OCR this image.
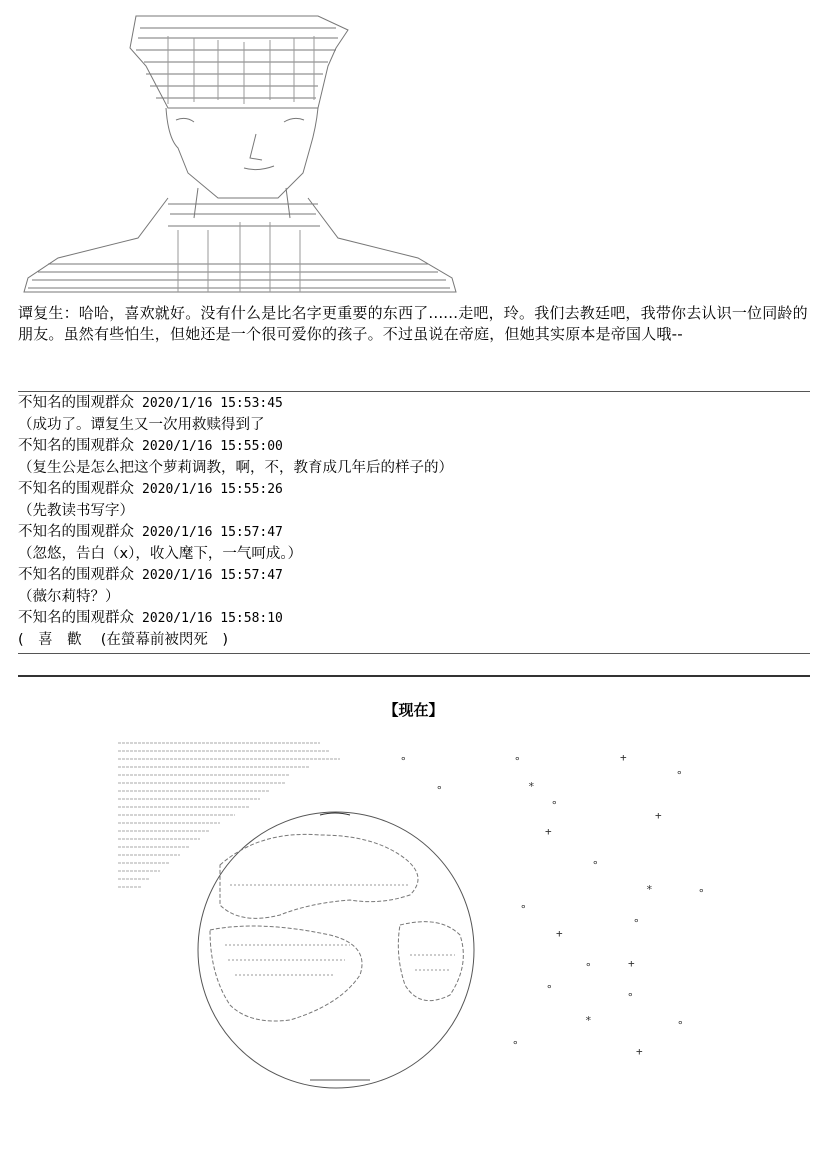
谭复生：哈哈，喜欢就好。没有什么是比名字更重要的东西了......走吧，玲。我们去教廷吧，我带你去认识一位同龄的朋友。虽然有些怕生，但她还是一个很可爱你的孩子。不过虽说在帝庭，但她其实原本是帝国人哦--
不知名的围观群众 2020/1/16 15:53:45
（成功了。谭复生又一次用救赎得到了
不知名的围观群众 2020/1/16 15:55:00
（复生公是怎么把这个萝莉调教，啊，不，教育成几年后的样子的）
不知名的围观群众 2020/1/16 15:55:26
（先教读书写字）
不知名的围观群众 2020/1/16 15:57:47
（忽悠，告白（x），收入麾下，一气呵成。）
不知名的围观群众 2020/1/16 15:57:47
（薇尔莉特？）
不知名的围观群众 2020/1/16 15:58:10
(　喜　歡　 (在螢幕前被閃死　)
【现在】
+
*
+
+
*
+
+
*
+
°	°
°
°
°
°
°
°
°
°
°
°
°
°
